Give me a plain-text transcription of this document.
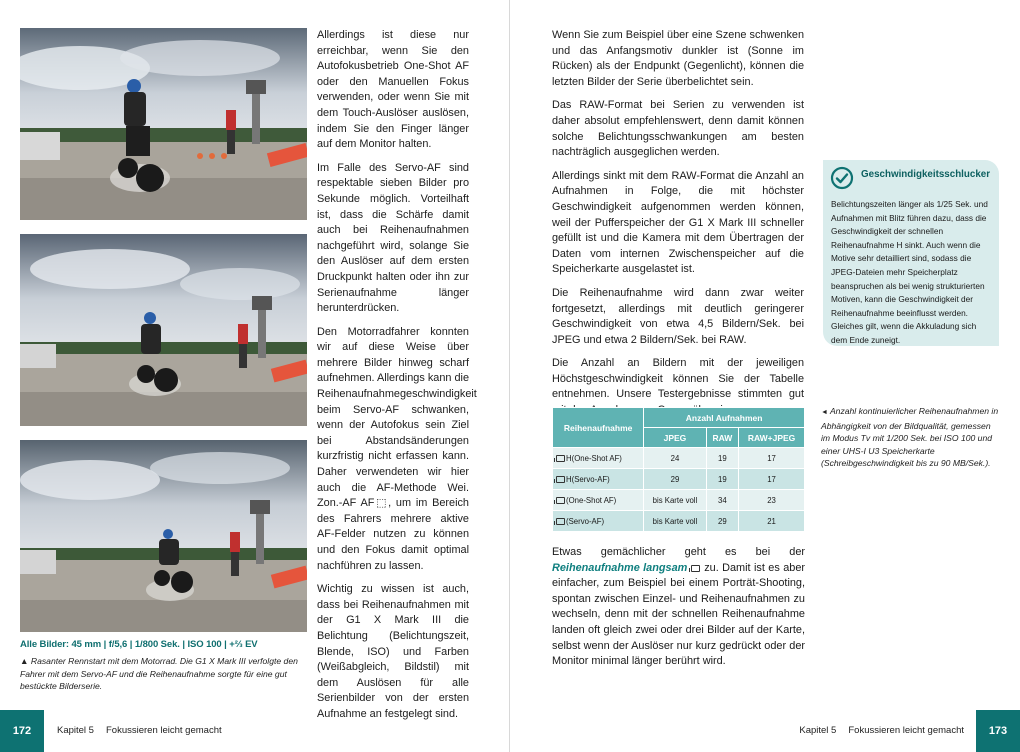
Alle Bilder: 45 mm | f/5,6 | 1/800 Sek. | ISO 100 | +⅔ EV
▲ Rasanter Rennstart mit dem Motorrad. Die G1 X Mark III verfolgte den Fahrer mit dem Servo-AF und die Reihenaufnahme sorgte für eine gut bestückte Bilderserie.

Allerdings ist diese nur erreichbar, wenn Sie den Autofokusbetrieb One-Shot AF oder den Manuellen Fokus verwenden, oder wenn Sie mit dem Touch-Auslöser auslösen, indem Sie den Finger länger auf dem Monitor halten.

Im Falle des Servo-AF sind respektable sieben Bilder pro Sekunde möglich. Vorteilhaft ist, dass die Schärfe damit auch bei Reihenaufnahmen nachgeführt wird, solange Sie den Auslöser auf dem ersten Druckpunkt halten oder ihn zur Serienaufnahme länger herunterdrücken.

Den Motorradfahrer konnten wir auf diese Weise über mehrere Bilder hinweg scharf aufnehmen. Allerdings kann die Reihenaufnahmegeschwindigkeit beim Servo-AF schwanken, wenn der Autofokus sein Ziel bei Abstandsänderungen kurzfristig nicht erfassen kann. Daher verwendeten wir hier auch die AF-Methode Wei. Zon.-AF AF⬚, um im Bereich des Fahrers mehrere aktive AF-Felder nutzen zu können und den Fokus damit optimal nachführen zu lassen.

Wichtig zu wissen ist auch, dass bei Reihenaufnahmen mit der G1 X Mark III die Belichtung (Belichtungszeit, Blende, ISO) und Farben (Weißabgleich, Bildstil) mit dem Auslösen für alle Serienbilder von der ersten Aufnahme an festgelegt sind.

172	Kapitel 5 Fokussieren leicht gemacht

Wenn Sie zum Beispiel über eine Szene schwenken und das Anfangsmotiv dunkler ist (Sonne im Rücken) als der Endpunkt (Gegenlicht), können die letzten Bilder der Serie überbelichtet sein.

Das RAW-Format bei Serien zu verwenden ist daher absolut empfehlenswert, denn damit können solche Belichtungsschwankungen am besten nachträglich ausgeglichen werden.

Allerdings sinkt mit dem RAW-Format die Anzahl an Aufnahmen in Folge, die mit höchster Geschwindigkeit aufgenommen werden können, weil der Pufferspeicher der G1 X Mark III schneller gefüllt ist und die Kamera mit dem Übertragen der Daten vom internen Zwischenspeicher auf die Speicherkarte ausgelastet ist.

Die Reihenaufnahme wird dann zwar weiter fortgesetzt, allerdings mit deutlich geringerer Geschwindigkeit von etwa 4,5 Bildern/Sek. bei JPEG und etwa 2 Bildern/Sek. bei RAW.

Die Anzahl an Bildern mit der jeweiligen Höchstgeschwindigkeit können Sie der Tabelle entnehmen. Unsere Testergebnisse stimmten gut

Reihenaufnahme	Anzahl Aufnahmen		
	JPEG	RAW	RAW+JPEG
H(One-Shot AF)	24	19	17
H(Servo-AF)	29	19	17
(One-Shot AF)	bis Karte voll	34	23
(Servo-AF)	bis Karte voll	29	21
Etwas gemächlicher geht es bei der Reihenaufnahme langsam  zu. Damit ist es aber einfacher, zum Beispiel bei einem Porträt-Shooting, spontan zwischen Einzel- und Reihenaufnahmen zu wechseln, denn mit der schnellen Reihenaufnahme landen oft gleich zwei oder drei Bilder auf der Karte, selbst wenn der Auslöser nur kurz gedrückt oder der Monitor minimal länger berührt wird.
Geschwindigkeitsschlucker
Belichtungszeiten länger als 1/25 Sek. und Aufnahmen mit Blitz führen dazu, dass die Geschwindigkeit der schnellen Reihenaufnahme H sinkt. Auch wenn die Motive sehr detailliert sind, sodass die JPEG-Dateien mehr Speicherplatz beanspruchen als bei wenig strukturierten Motiven, kann die Geschwindigkeit der Reihenaufnahme beeinflusst werden. Gleiches gilt, wenn die Akkuladung sich dem Ende zuneigt.
◄ Anzahl kontinuierlicher Reihenaufnahmen in Abhängigkeit von der Bildqualität, gemessen im Modus Tv mit 1/200 Sek. bei ISO 100 und einer UHS-I U3 Speicherkarte (Schreibgeschwindigkeit bis zu 90 MB/Sek.).
Kapitel 5 Fokussieren leicht gemacht	173
